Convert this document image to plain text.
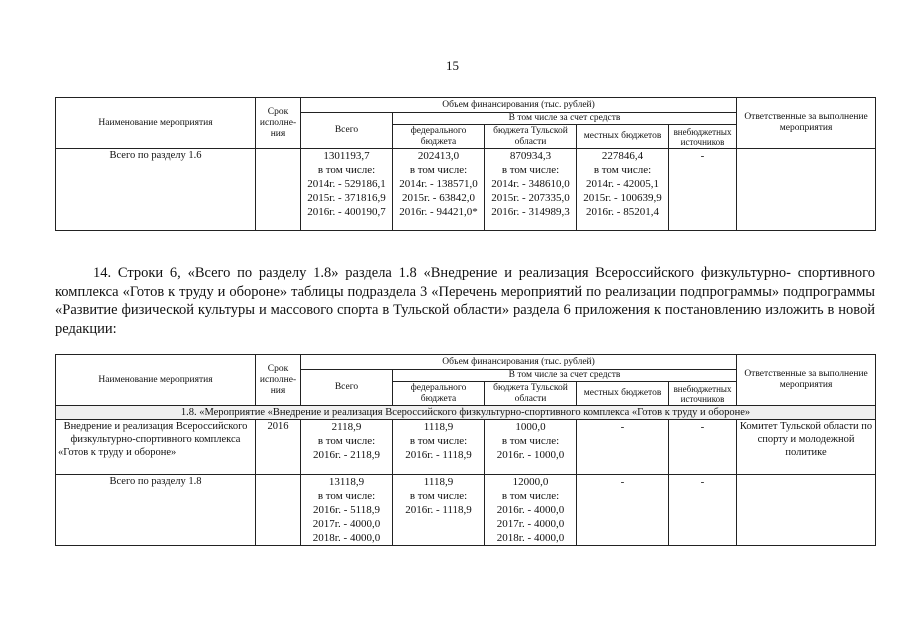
15
Наименование мероприятия	Срок исполне-ния	Объем финансирования (тыс. рублей)					Ответственные за выполнение мероприятия
		Всего	В том числе за счет средств				
			федерального бюджета	бюджета Тульской области	местных бюджетов	внебюджетных источников	
Всего по разделу 1.6		1301193,7
в том числе:
2014г. - 529186,1
2015г. - 371816,9
2016г. - 400190,7	202413,0
в том числе:
2014г. - 138571,0
2015г. - 63842,0
2016г. - 94421,0*	870934,3
в том числе:
2014г. - 348610,0
2015г. - 207335,0
2016г. - 314989,3	227846,4
в том числе:
2014г. - 42005,1
2015г. - 100639,9
2016г. - 85201,4	-	
14. Строки 6, «Всего по разделу 1.8» раздела 1.8 «Внедрение и реализация Всероссийского физкультурно- спортивного комплекса «Готов к труду и обороне» таблицы подраздела 3 «Перечень мероприятий по реализации подпрограммы» подпрограммы «Развитие физической культуры и массового спорта в Тульской области» раздела 6 приложения к постановлению изложить в новой редакции:
Наименование мероприятия	Срок исполне-ния	Объем финансирования (тыс. рублей)					Ответственные за выполнение мероприятия
		Всего	В том числе за счет средств				
			федерального бюджета	бюджета Тульской области	местных бюджетов	внебюджетных источников	
1.8. «Мероприятие «Внедрение и реализация Всероссийского физкультурно-спортивного комплекса «Готов к труду и обороне»							
Внедрение и реализация Всероссийского физкультурно-спортивного комплекса «Готов к труду и обороне»	2016	2118,9
в том числе:
2016г. - 2118,9	1118,9
в том числе:
2016г. - 1118,9	1000,0
в том числе:
2016г. - 1000,0	-	-	Комитет Тульской области по спорту и молодежной политике
Всего по разделу 1.8		13118,9
в том числе:
2016г. - 5118,9
2017г. - 4000,0
2018г. - 4000,0	1118,9
в том числе:
2016г. - 1118,9	12000,0
в том числе:
2016г. - 4000,0
2017г. - 4000,0
2018г. - 4000,0	-	-	
